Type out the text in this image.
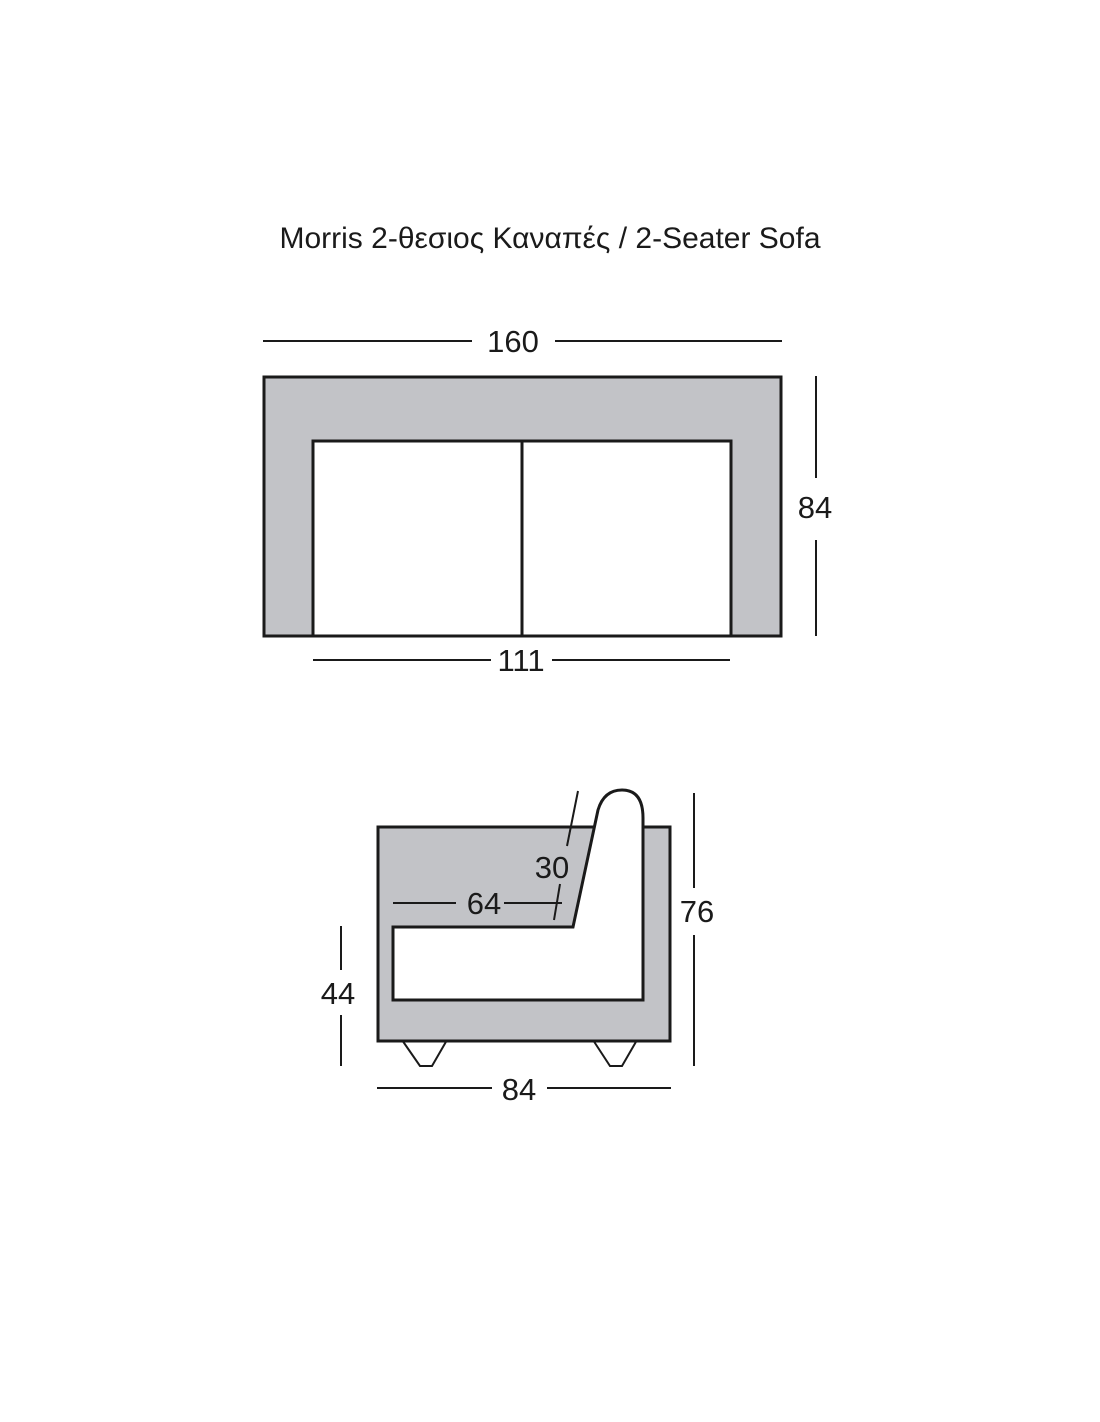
Morris 2-θεσιος Καναπές / 2-Seater Sofa
160
84
111
76
44
84
64
30
